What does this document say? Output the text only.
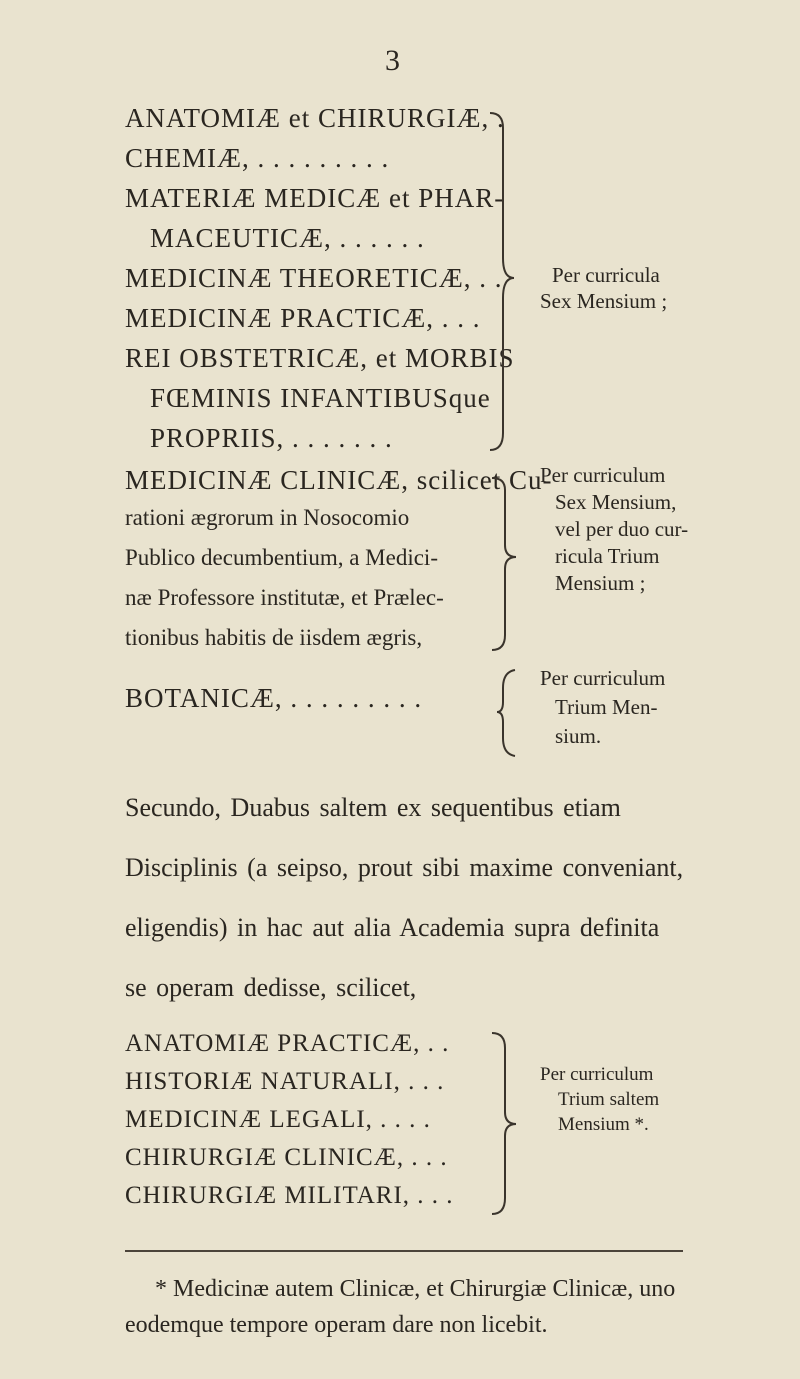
3
ANATOMIÆ et CHIRURGIÆ, .
CHEMIÆ, . . . . . . . . .
MATERIÆ MEDICÆ et PHAR-
MACEUTICÆ, . . . . . .
MEDICINÆ THEORETICÆ, . .
MEDICINÆ PRACTICÆ, . . .
REI OBSTETRICÆ, et MORBIS
FŒMINIS INFANTIBUSque
PROPRIIS, . . . . . . .
Per curricula
Sex Mensium ;
MEDICINÆ CLINICÆ, scilicet Cu-
rationi ægrorum in Nosocomio
Publico decumbentium, a Medici-
næ Professore institutæ, et Prælec-
tionibus habitis de iisdem ægris,
Per curriculum
Sex Mensium,
vel per duo cur-
ricula Trium
Mensium ;
BOTANICÆ, . . . . . . . . .
Per curriculum
Trium Men-
sium.
Secundo, Duabus saltem ex sequentibus etiam
Disciplinis (a seipso, prout sibi maxime conveniant,
eligendis) in hac aut alia Academia supra definita
se operam dedisse, scilicet,
ANATOMIÆ PRACTICÆ, . .
HISTORIÆ NATURALI, . . .
MEDICINÆ LEGALI, . . . .
CHIRURGIÆ CLINICÆ, . . .
CHIRURGIÆ MILITARI, . . .
Per curriculum
Trium saltem
Mensium *.
* Medicinæ autem Clinicæ, et Chirurgiæ Clinicæ, uno
eodemque tempore operam dare non licebit.
